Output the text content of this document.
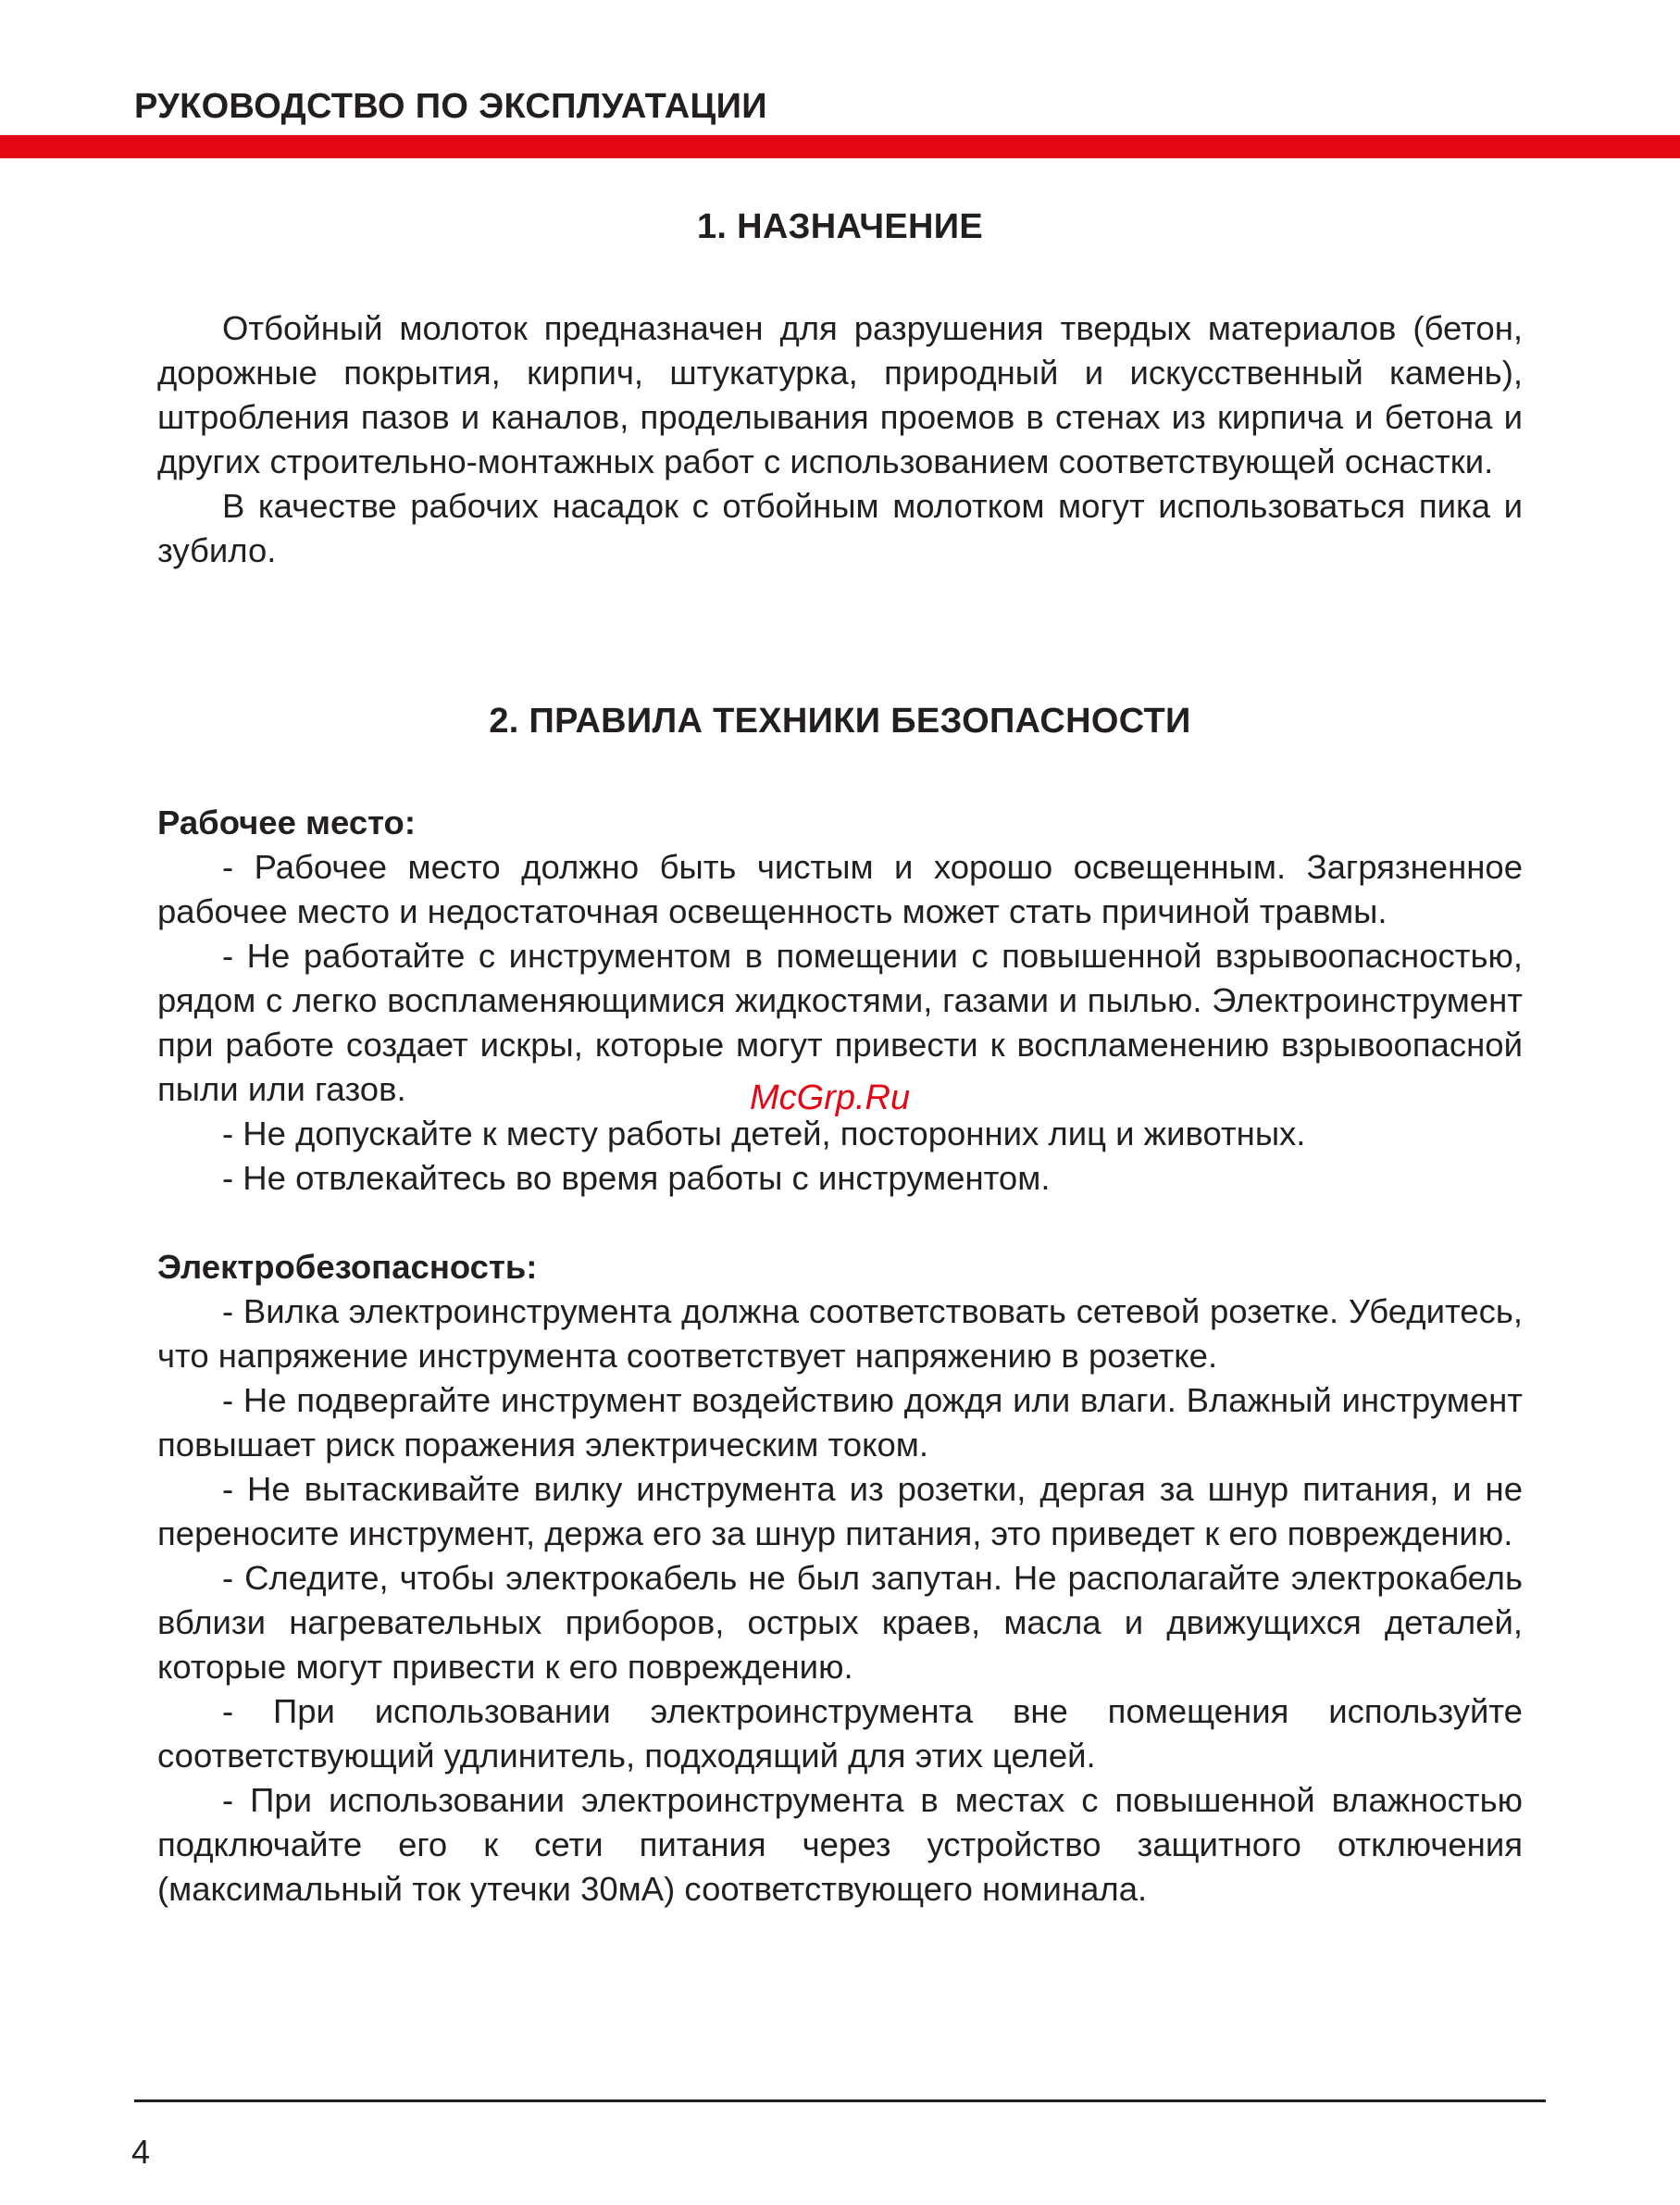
РУКОВОДСТВО ПО ЭКСПЛУАТАЦИИ
1. НАЗНАЧЕНИЕ

Отбойный молоток предназначен для разрушения твердых материалов (бетон, дорожные покрытия, кирпич, штукатурка, природный и искусственный камень), штробления пазов и каналов, проделывания проемов в стенах из кирпича и бетона и других строительно-монтажных работ с использованием соответствующей оснастки.

В качестве рабочих насадок с отбойным молотком могут использоваться пика и зубило.

2. ПРАВИЛА ТЕХНИКИ БЕЗОПАСНОСТИ
Рабочее место:

- Рабочее место должно быть чистым и хорошо освещенным. Загрязненное рабочее место и недостаточная освещенность может стать причиной травмы.

- Не работайте с инструментом в помещении с повышенной взрывоопасностью, рядом с легко воспламеняющимися жидкостями, газами и пылью. Электроинструмент при работе создает искры, которые могут привести к воспламенению взрывоопасной пыли или газов.

- Не допускайте к месту работы детей, посторонних лиц и животных.

- Не отвлекайтесь во время работы с инструментом.

Электробезопасность:

- Вилка электроинструмента должна соответствовать сетевой розетке. Убедитесь, что напряжение инструмента соответствует напряжению в розетке.

- Не подвергайте инструмент воздействию дождя или влаги. Влажный инструмент повышает риск поражения электрическим током.

- Не вытаскивайте вилку инструмента из розетки, дергая за шнур питания, и не переносите инструмент, держа его за шнур питания, это приведет к его повреждению.

- Следите, чтобы электрокабель не был запутан. Не располагайте электрокабель вблизи нагревательных приборов, острых краев, масла и движущихся деталей, которые могут привести к его повреждению.

- При использовании электроинструмента вне помещения используйте соответствующий удлинитель, подходящий для этих целей.

- При использовании электроинструмента в местах с повышенной влажностью подключайте его к сети питания через устройство защитного отключения (максимальный ток утечки 30мА) соответствующего номинала.

McGrp.Ru
4
